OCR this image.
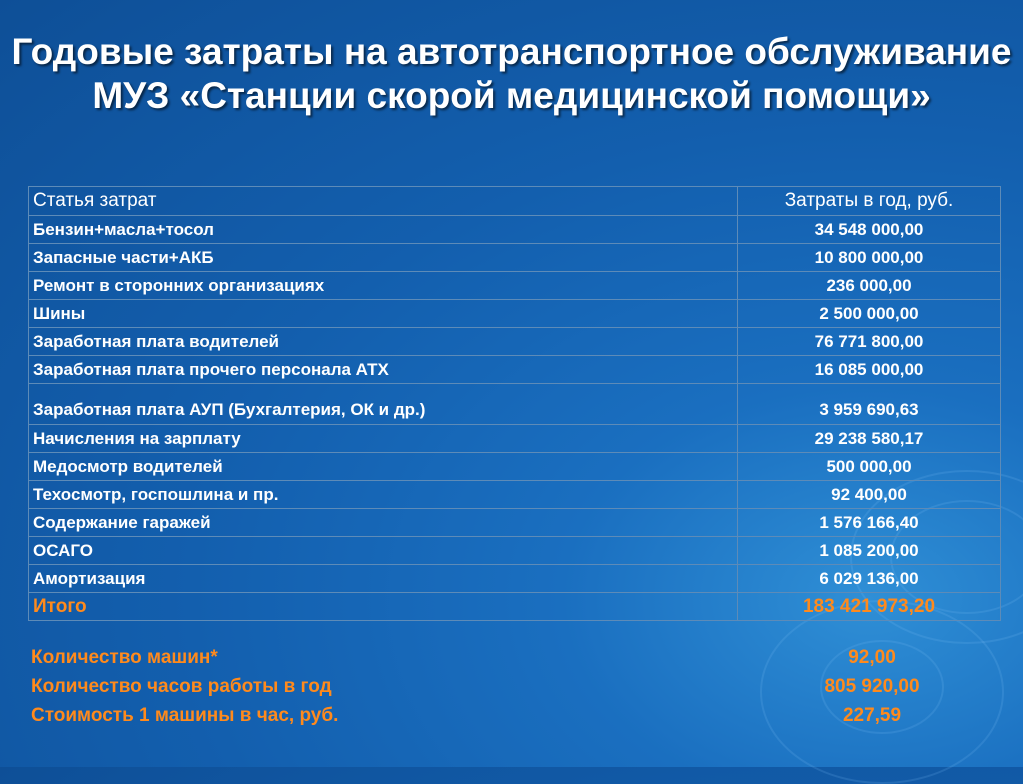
Годовые затраты на автотранспортное обслуживание
МУЗ «Станции скорой медицинской помощи»
Статья затрат	Затраты в год, руб.
Бензин+масла+тосол	34 548 000,00
Запасные части+АКБ	10 800 000,00
Ремонт в сторонних организациях	236 000,00
Шины	2 500 000,00
Заработная плата водителей	76 771 800,00
Заработная плата прочего персонала АТХ	16 085 000,00
Заработная плата АУП (Бухгалтерия, ОК и др.)	3 959 690,63
Начисления на зарплату	29 238 580,17
Медосмотр водителей	500 000,00
Техосмотр, госпошлина и пр.	92 400,00
Содержание гаражей	1 576 166,40
ОСАГО	1 085 200,00
Амортизация	6 029 136,00
Итого	183 421 973,20
Количество машин*	92,00
Количество часов работы в год	805 920,00
Стоимость 1 машины в час, руб.	227,59
